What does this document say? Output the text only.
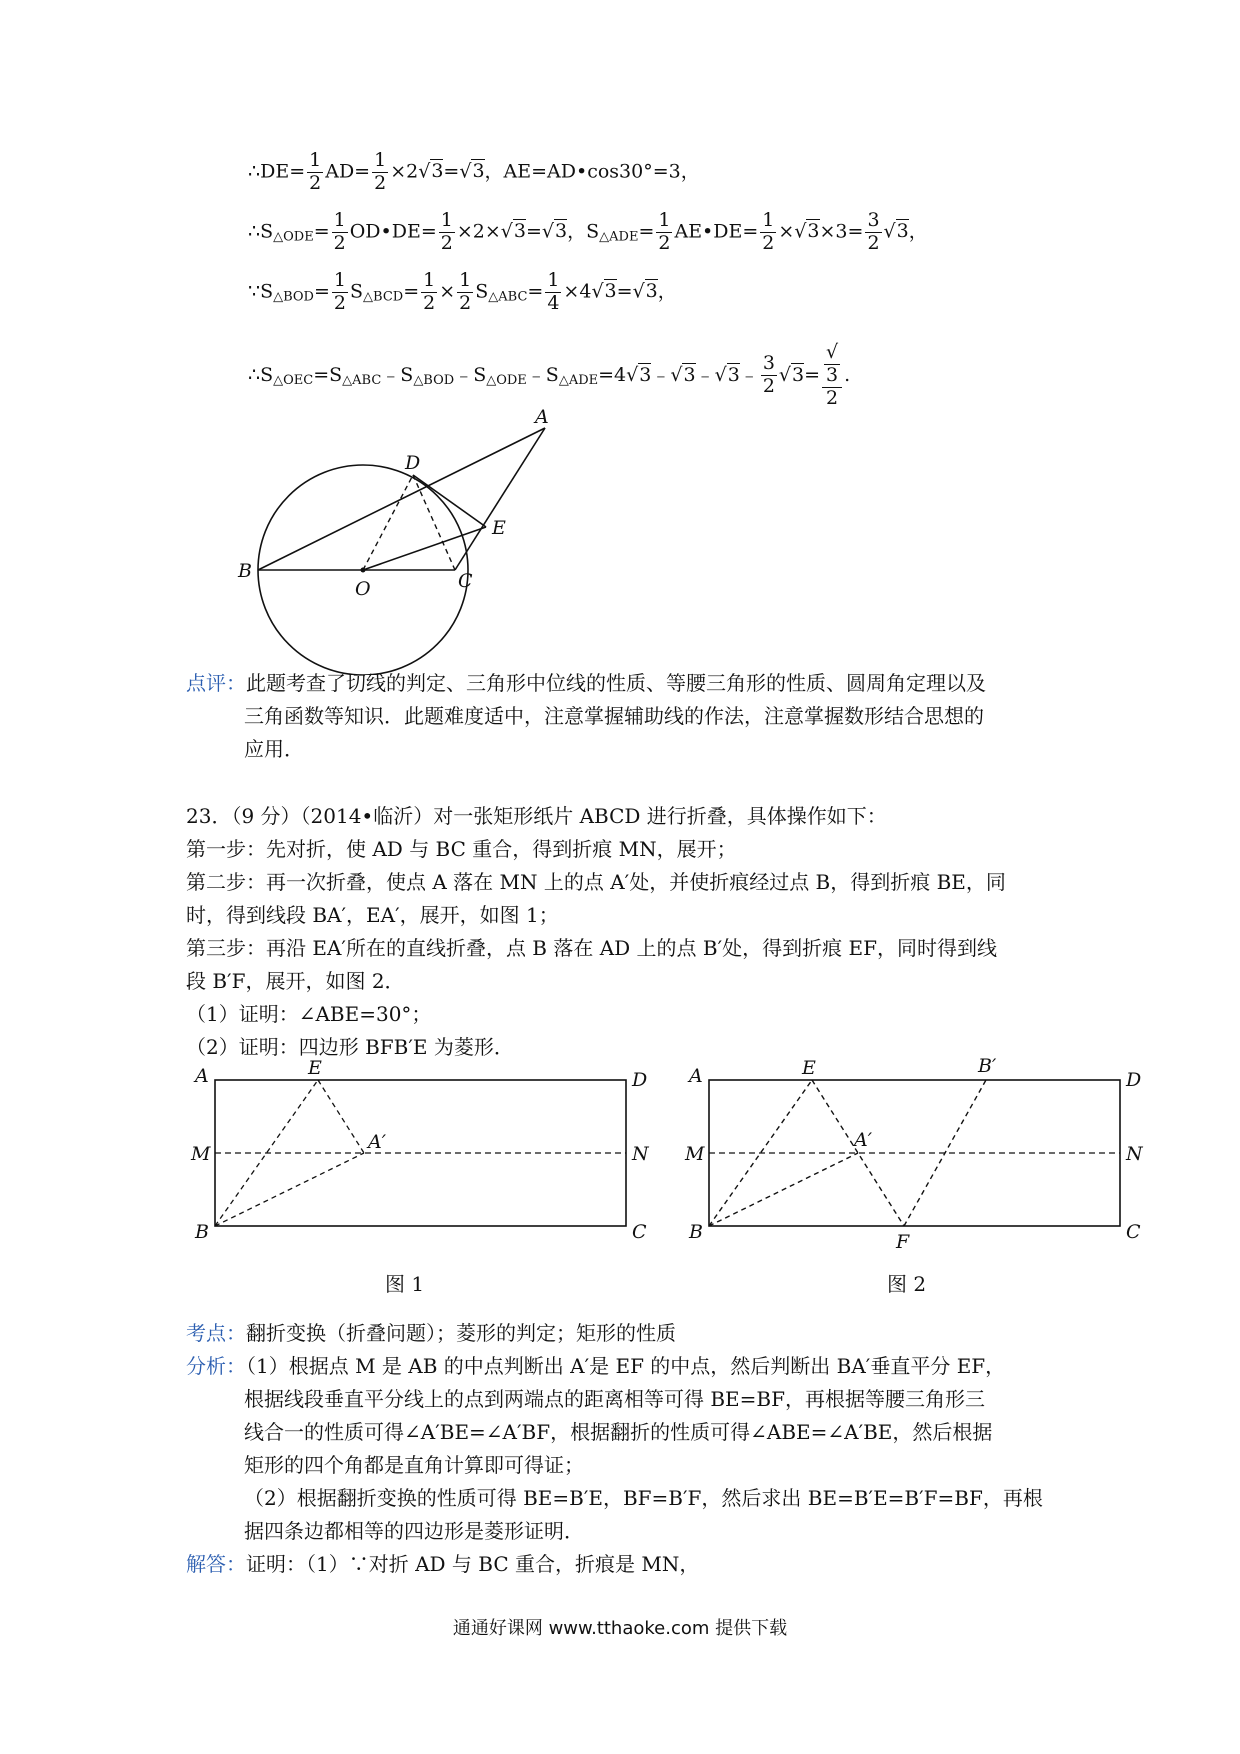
∴DE= $\frac{1}{2} AD= \frac{1}{2} \times 2√3=√3$，AE=AD•cos30°=3，
$\therefore S_{\triangle ODE}= \frac{1}{2}$ OD•DE= $\frac{1}{2} \times 2\times√3=√3$，$S_{\triangle ADE}= \frac{1}{2}$ AE•DE= $\frac{1}{2} \times√3\times 3= \frac{3}{2} √3$，
$\because S_{\triangle BOD}= \frac{1}{2} S_{\triangle BCD}= \frac{1}{2} \times \frac{1}{2} S_{\triangle ABC}= \frac{1}{4} \times 4√3=√3$，
$\therefore S_{\triangle OEC}=S_{\triangle ABC}﹣S_{\triangle BOD}﹣S_{\triangle ODE}﹣S_{\triangle ADE}=4√3﹣√3﹣√3﹣ \frac{3}{2} √3=$ √
3
2 .
A
D
E
B
O	C
点评：此题考查了切线的判定、三角形中位线的性质、等腰三角形的性质、圆周角定理以及
三角函数等知识．此题难度适中，注意掌握辅助线的作法，注意掌握数形结合思想的
应用．
23．（9 分）（2014•临沂）对一张矩形纸片 ABCD 进行折叠，具体操作如下：
第一步：先对折，使 AD 与 BC 重合，得到折痕 MN，展开；
第二步：再一次折叠，使点 A 落在 MN 上的点 A′处，并使折痕经过点 B，得到折痕 BE，同
时，得到线段 BA′，EA′，展开，如图 1；
第三步：再沿 EA′所在的直线折叠，点 B 落在 AD 上的点 B′处，得到折痕 EF，同时得到线
段 B′F，展开，如图 2．
（1）证明：∠ABE=30°；
（2）证明：四边形 BFB′E 为菱形．
A	E
D
M
A′
N
B	C
图 1
A	E	B′
D
M
A′
N
B	F	C
图 2
考点：翻折变换（折叠问题）；菱形的判定；矩形的性质
分析：（1）根据点 M 是 AB 的中点判断出 A′是 EF 的中点，然后判断出 BA′垂直平分 EF，
根据线段垂直平分线上的点到两端点的距离相等可得 BE=BF，再根据等腰三角形三
线合一的性质可得∠A′BE=∠A′BF，根据翻折的性质可得∠ABE=∠A′BE，然后根据
矩形的四个角都是直角计算即可得证；
（2）根据翻折变换的性质可得 BE=B′E，BF=B′F，然后求出 BE=B′E=B′F=BF，再根
据四条边都相等的四边形是菱形证明．
解答：证明：（1）∵对折 AD 与 BC 重合，折痕是 MN，
通通好课网 www.tthaoke.com 提供下载
